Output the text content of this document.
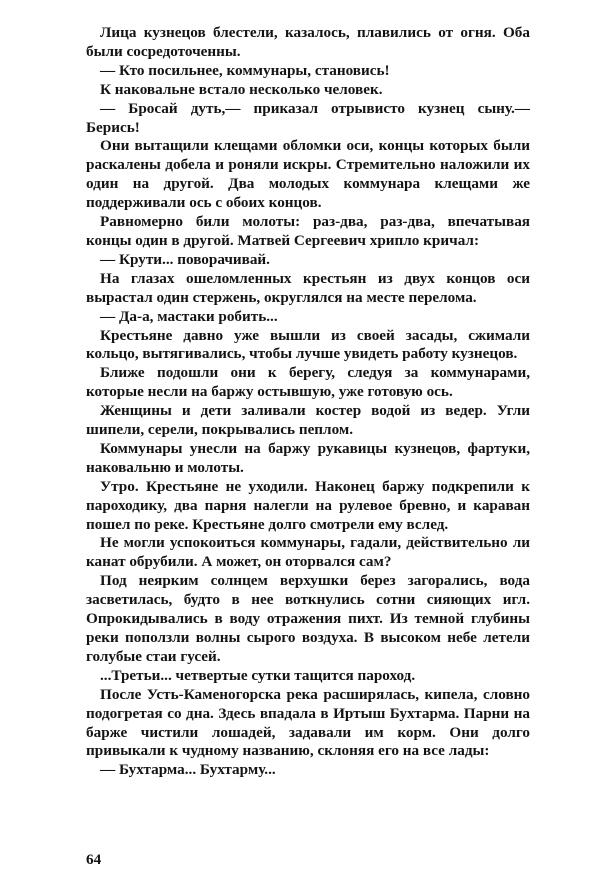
Лица кузнецов блестели, казалось, плавились от огня. Оба были сосредоточенны.

— Кто посильнее, коммунары, становись!

К наковальне встало несколько человек.

— Бросай дуть,— приказал отрывисто кузнец сыну.— Берись!

Они вытащили клещами обломки оси, концы которых были раскалены добела и роняли искры. Стремительно наложили их один на другой. Два молодых коммунара клещами же поддерживали ось с обоих концов.

Равномерно били молоты: раз-два, раз-два, впечатывая концы один в другой. Матвей Сергеевич хрипло кричал:

— Крути... поворачивай.

На глазах ошеломленных крестьян из двух концов оси вырастал один стержень, округлялся на месте перелома.

— Да-а, мастаки робить...

Крестьяне давно уже вышли из своей засады, сжимали кольцо, вытягивались, чтобы лучше увидеть работу кузнецов.

Ближе подошли они к берегу, следуя за коммунарами, которые несли на баржу остывшую, уже готовую ось.

Женщины и дети заливали костер водой из ведер. Угли шипели, серели, покрывались пеплом.

Коммунары унесли на баржу рукавицы кузнецов, фартуки, наковальню и молоты.

Утро. Крестьяне не уходили. Наконец баржу подкрепили к пароходику, два парня налегли на рулевое бревно, и караван пошел по реке. Крестьяне долго смотрели ему вслед.

Не могли успокоиться коммунары, гадали, действительно ли канат обрубили. А может, он оторвался сам?

Под неярким солнцем верхушки берез загорались, вода засветилась, будто в нее воткнулись сотни сияющих игл. Опрокидывались в воду отражения пихт. Из темной глубины реки поползли волны сырого воздуха. В высоком небе летели голубые стаи гусей.

...Третьи... четвертые сутки тащится пароход.

После Усть-Каменогорска река расширялась, кипела, словно подогретая со дна. Здесь впадала в Иртыш Бухтарма. Парни на барже чистили лошадей, задавали им корм. Они долго привыкали к чудному названию, склоняя его на все лады:

— Бухтарма... Бухтарму...

64
